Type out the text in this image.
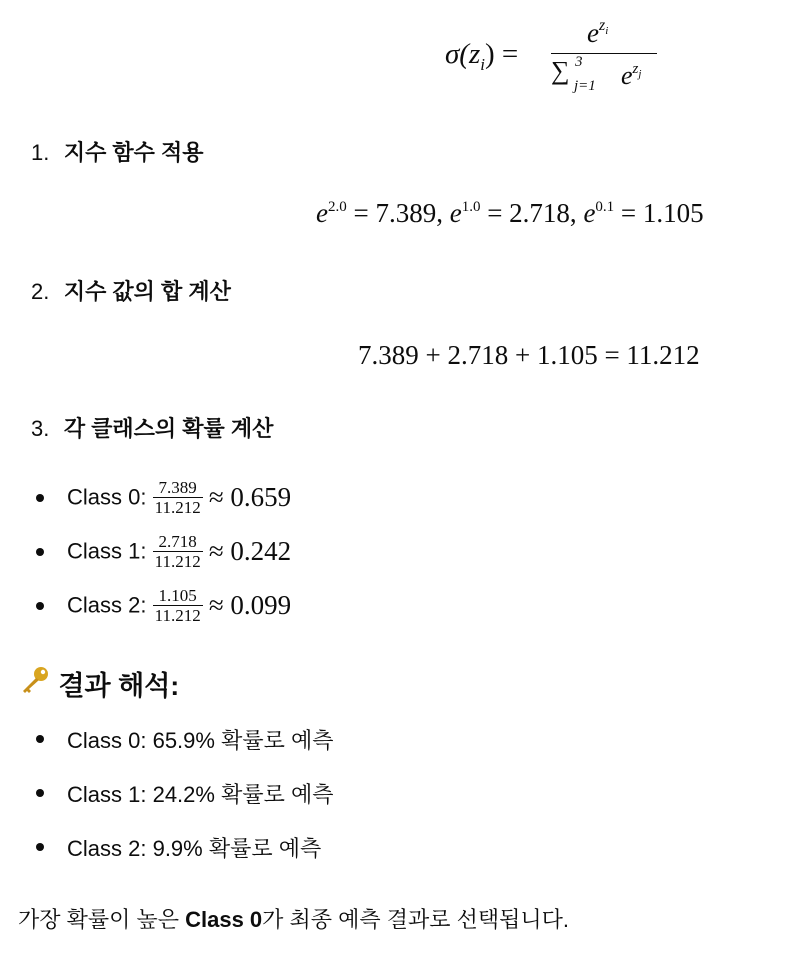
$\sigma(z_i)$ =
$e^z_i$
∑ 3
j=1 $e^z_j$
1. 지수 함수 적용
$e^{2.0} = 7.389$, $e^{1.0} = 2.718$, $e^{0.1} = 1.105$
2. 지수 값의 합 계산
7.389 + 2.718 + 1.105 = 11.212
3. 각 클래스의 확률 계산
Class 0: $\frac{7.389}{11.212} \approx 0.659$
Class 1: $\frac{2.718}{11.212} \approx 0.242$
Class 2: $\frac{1.105}{11.212} \approx 0.099$
결과 해석:
Class 0: 65.9% 확률로 예측
Class 1: 24.2% 확률로 예측
Class 2: 9.9% 확률로 예측
가장 확률이 높은 Class 0가 최종 예측 결과로 선택됩니다.
